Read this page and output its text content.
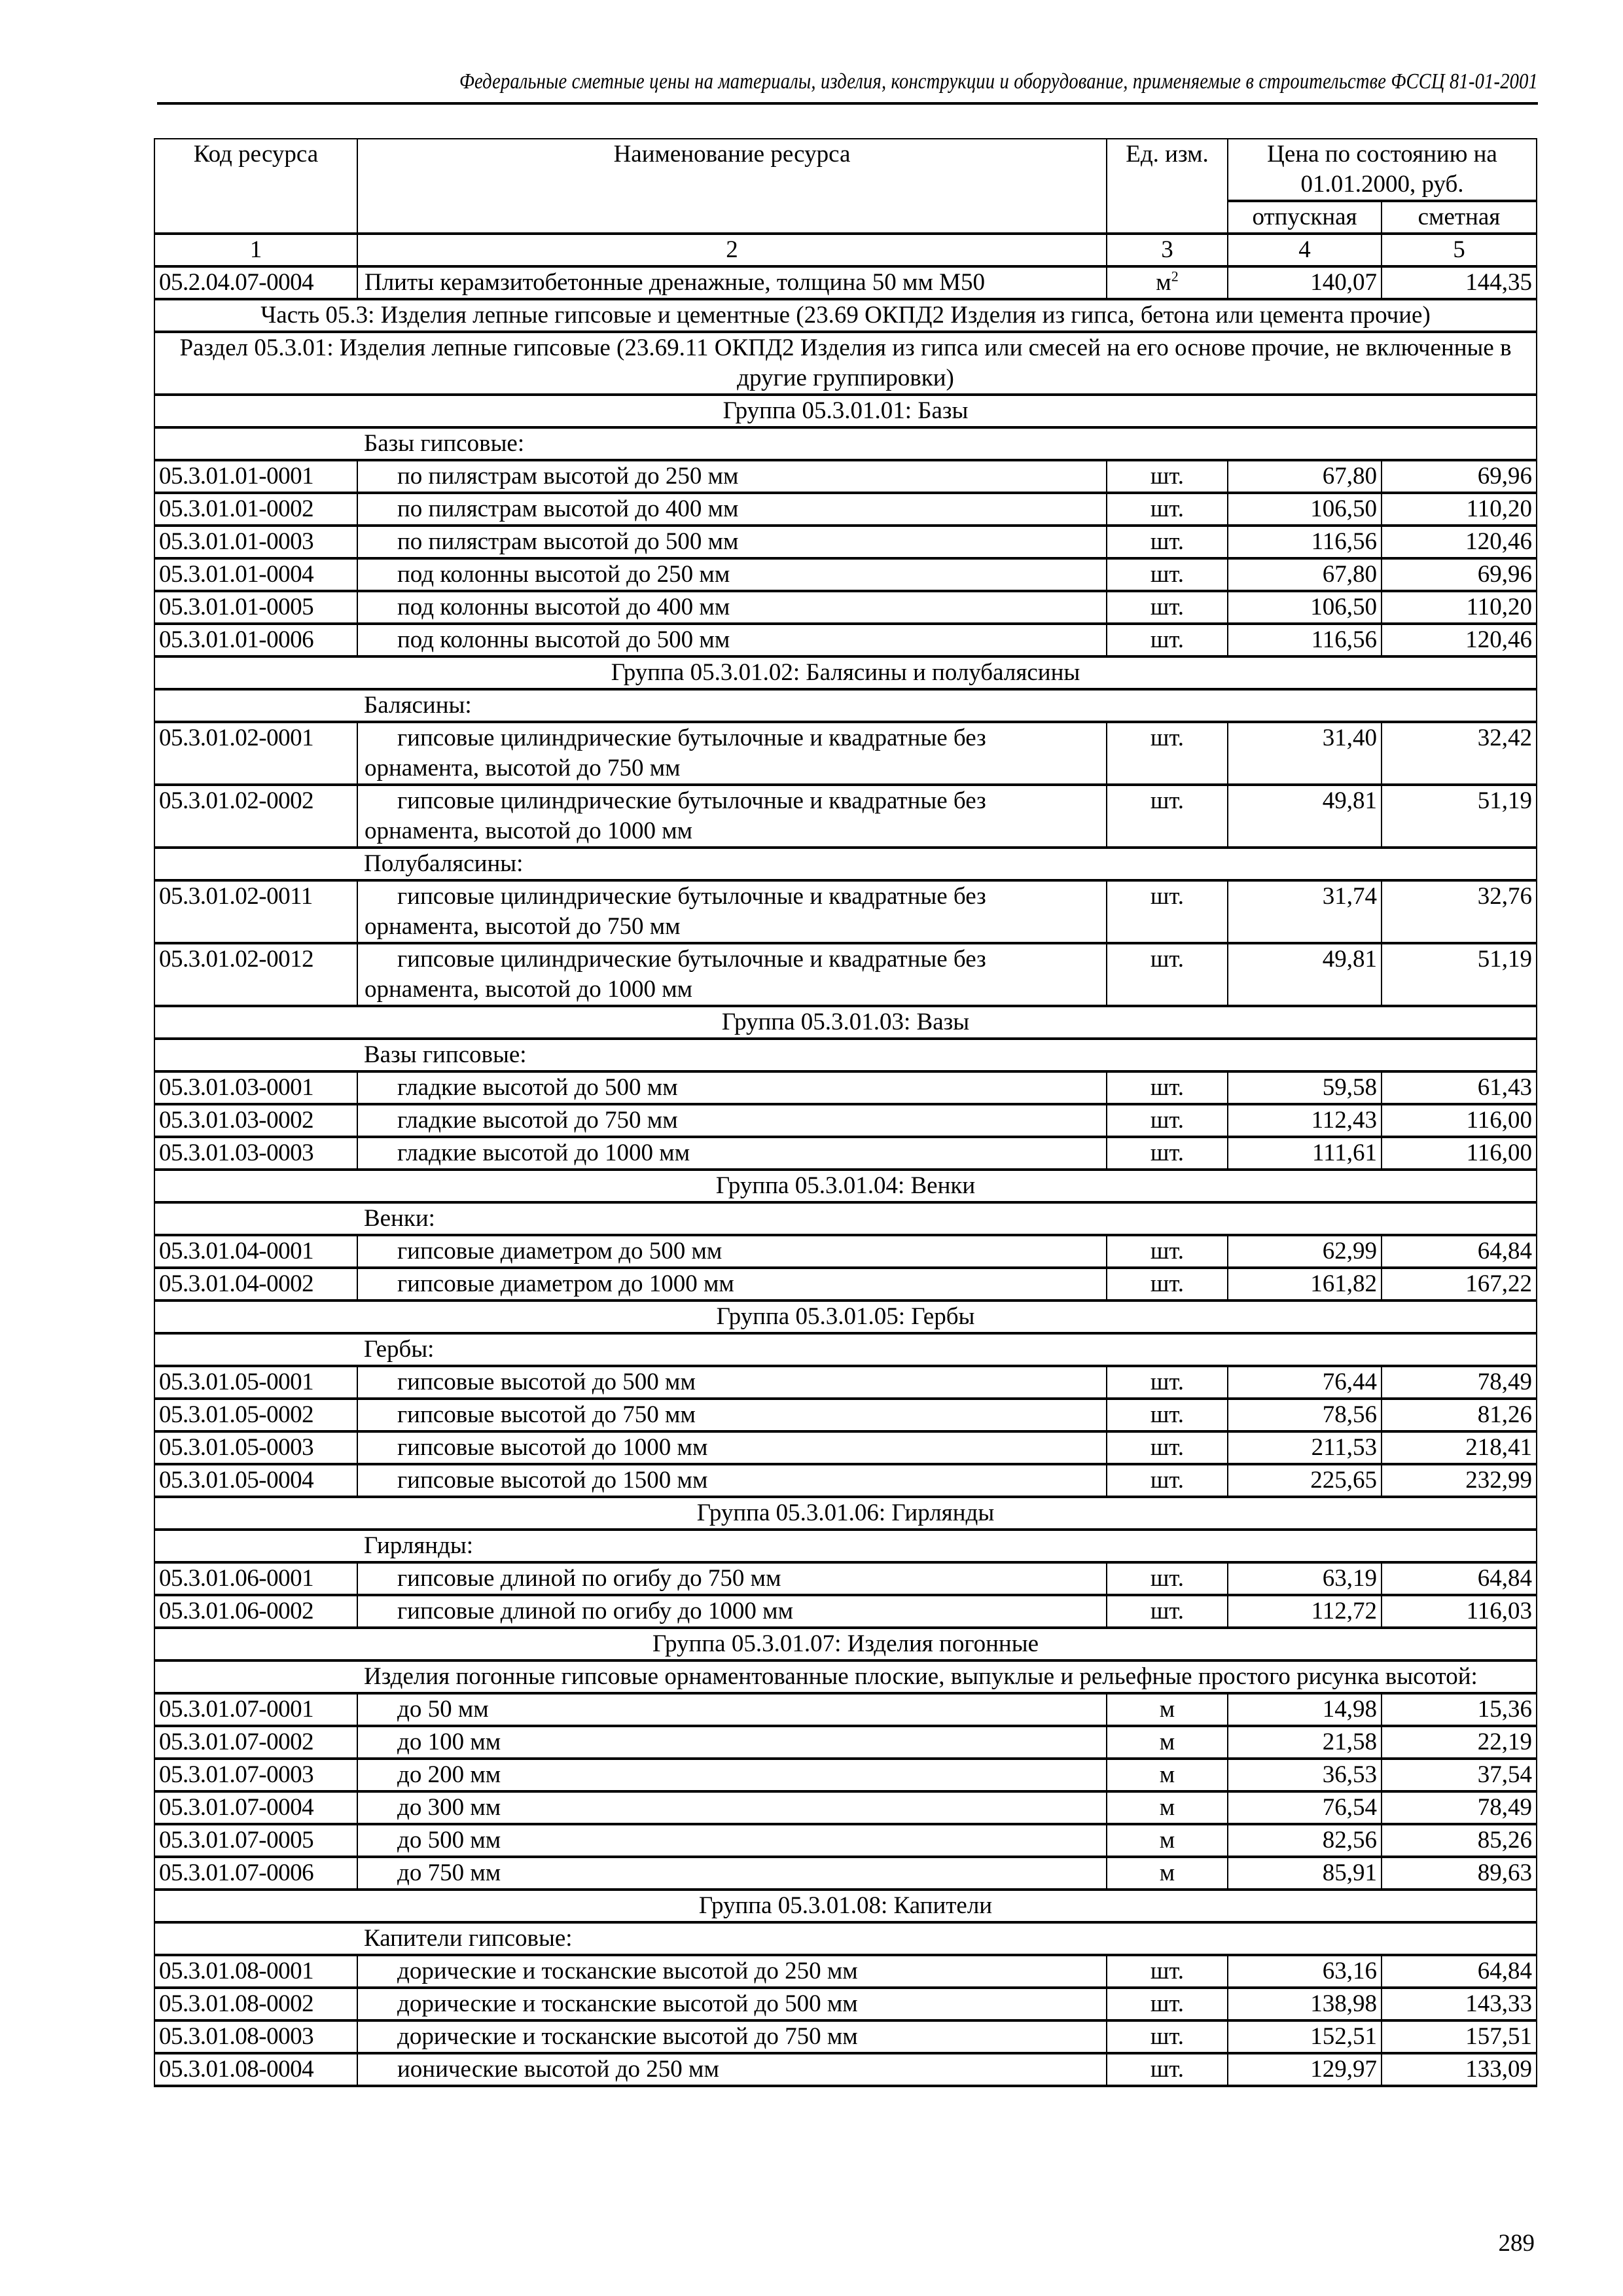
Федеральные сметные цены на материалы, изделия, конструкции и оборудование, применяемые в строительстве ФССЦ 81-01-2001
Код ресурса	Наименование ресурса	Ед. изм.	Цена по состоянию на 01.01.2000, руб.	
			отпускная	сметная
1	2	3	4	5
05.2.04.07-0004	Плиты керамзитобетонные дренажные, толщина 50 мм М50	$м^2$	140,07	144,35
Часть 05.3: Изделия лепные гипсовые и цементные (23.69 ОКПД2 Изделия из гипса, бетона или цемента прочие)				
Раздел 05.3.01: Изделия лепные гипсовые (23.69.11 ОКПД2 Изделия из гипса или смесей на его основе прочие, не включенные в другие группировки)				
Группа 05.3.01.01: Базы				
	Базы гипсовые:			
05.3.01.01-0001	по пилястрам высотой до 250 мм	шт.	67,80	69,96
05.3.01.01-0002	по пилястрам высотой до 400 мм	шт.	106,50	110,20
05.3.01.01-0003	по пилястрам высотой до 500 мм	шт.	116,56	120,46
05.3.01.01-0004	под колонны высотой до 250 мм	шт.	67,80	69,96
05.3.01.01-0005	под колонны высотой до 400 мм	шт.	106,50	110,20
05.3.01.01-0006	под колонны высотой до 500 мм	шт.	116,56	120,46
Группа 05.3.01.02: Балясины и полубалясины				
	Балясины:			
05.3.01.02-0001	гипсовые цилиндрические бутылочные и квадратные без орнамента, высотой до 750 мм	шт.	31,40	32,42
05.3.01.02-0002	гипсовые цилиндрические бутылочные и квадратные без орнамента, высотой до 1000 мм	шт.	49,81	51,19
	Полубалясины:			
05.3.01.02-0011	гипсовые цилиндрические бутылочные и квадратные без орнамента, высотой до 750 мм	шт.	31,74	32,76
05.3.01.02-0012	гипсовые цилиндрические бутылочные и квадратные без орнамента, высотой до 1000 мм	шт.	49,81	51,19
Группа 05.3.01.03: Вазы				
	Вазы гипсовые:			
05.3.01.03-0001	гладкие высотой до 500 мм	шт.	59,58	61,43
05.3.01.03-0002	гладкие высотой до 750 мм	шт.	112,43	116,00
05.3.01.03-0003	гладкие высотой до 1000 мм	шт.	111,61	116,00
Группа 05.3.01.04: Венки				
	Венки:			
05.3.01.04-0001	гипсовые диаметром до 500 мм	шт.	62,99	64,84
05.3.01.04-0002	гипсовые диаметром до 1000 мм	шт.	161,82	167,22
Группа 05.3.01.05: Гербы				
	Гербы:			
05.3.01.05-0001	гипсовые высотой до 500 мм	шт.	76,44	78,49
05.3.01.05-0002	гипсовые высотой до 750 мм	шт.	78,56	81,26
05.3.01.05-0003	гипсовые высотой до 1000 мм	шт.	211,53	218,41
05.3.01.05-0004	гипсовые высотой до 1500 мм	шт.	225,65	232,99
Группа 05.3.01.06: Гирлянды				
	Гирлянды:			
05.3.01.06-0001	гипсовые длиной по огибу до 750 мм	шт.	63,19	64,84
05.3.01.06-0002	гипсовые длиной по огибу до 1000 мм	шт.	112,72	116,03
Группа 05.3.01.07: Изделия погонные				
	Изделия погонные гипсовые орнаментованные плоские, выпуклые и рельефные простого рисунка высотой:			
05.3.01.07-0001	до 50 мм	м	14,98	15,36
05.3.01.07-0002	до 100 мм	м	21,58	22,19
05.3.01.07-0003	до 200 мм	м	36,53	37,54
05.3.01.07-0004	до 300 мм	м	76,54	78,49
05.3.01.07-0005	до 500 мм	м	82,56	85,26
05.3.01.07-0006	до 750 мм	м	85,91	89,63
Группа 05.3.01.08: Капители				
	Капители гипсовые:			
05.3.01.08-0001	дорические и тосканские высотой до 250 мм	шт.	63,16	64,84
05.3.01.08-0002	дорические и тосканские высотой до 500 мм	шт.	138,98	143,33
05.3.01.08-0003	дорические и тосканские высотой до 750 мм	шт.	152,51	157,51
05.3.01.08-0004	ионические высотой до 250 мм	шт.	129,97	133,09
289
